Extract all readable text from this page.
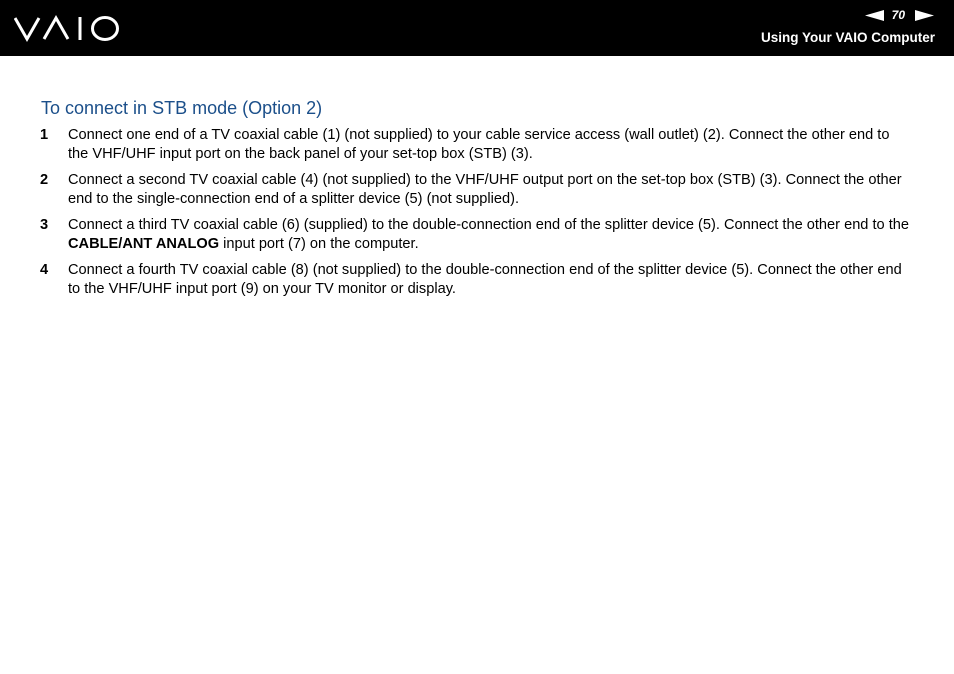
70
Using Your VAIO Computer
To connect in STB mode (Option 2)
1	Connect one end of a TV coaxial cable (1) (not supplied) to your cable service access (wall outlet) (2). Connect the other end to the VHF/UHF input port on the back panel of your set-top box (STB) (3).
2	Connect a second TV coaxial cable (4) (not supplied) to the VHF/UHF output port on the set-top box (STB) (3). Connect the other end to the single-connection end of a splitter device (5) (not supplied).
3	Connect a third TV coaxial cable (6) (supplied) to the double-connection end of the splitter device (5). Connect the other end to the CABLE/ANT ANALOG input port (7) on the computer.
4	Connect a fourth TV coaxial cable (8) (not supplied) to the double-connection end of the splitter device (5). Connect the other end to the VHF/UHF input port (9) on your TV monitor or display.
